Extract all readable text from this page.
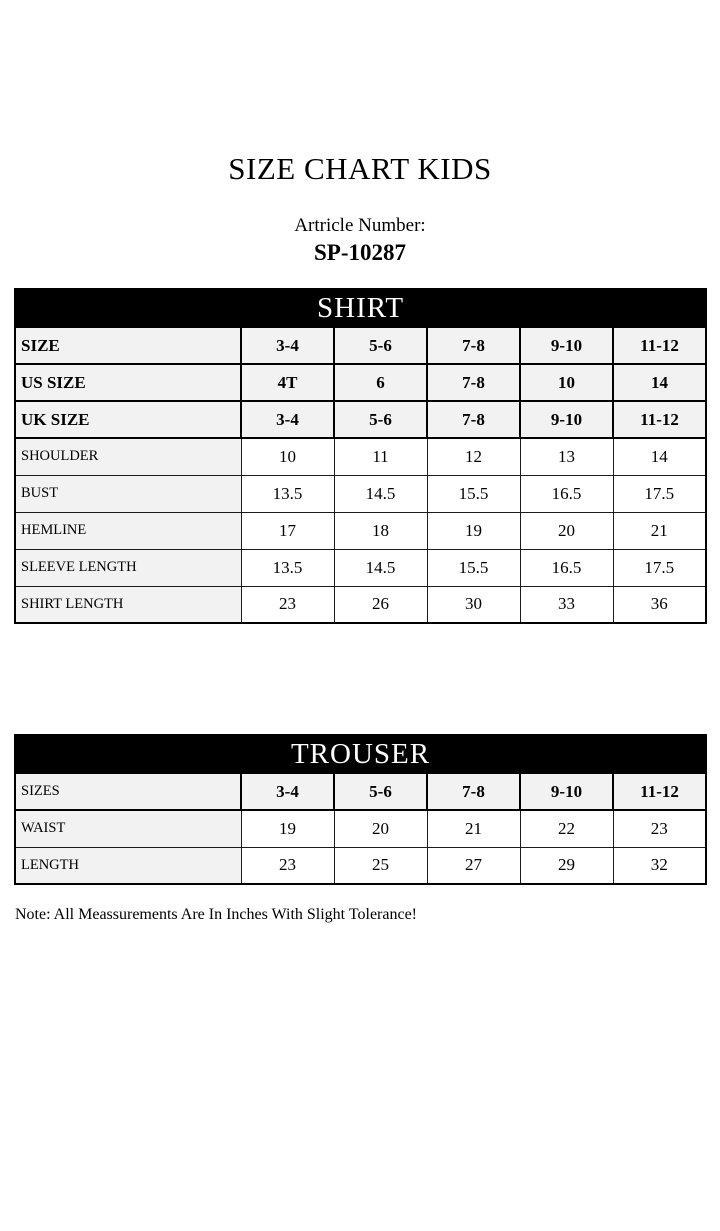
SIZE CHART KIDS
Artricle Number:
SP-10287
SHIRT					
SIZE	3-4	5-6	7-8	9-10	11-12
US SIZE	4T	6	7-8	10	14
UK SIZE	3-4	5-6	7-8	9-10	11-12
SHOULDER	10	11	12	13	14
BUST	13.5	14.5	15.5	16.5	17.5
HEMLINE	17	18	19	20	21
SLEEVE LENGTH	13.5	14.5	15.5	16.5	17.5
SHIRT LENGTH	23	26	30	33	36
TROUSER					
SIZES	3-4	5-6	7-8	9-10	11-12
WAIST	19	20	21	22	23
LENGTH	23	25	27	29	32
Note: All Meassurements Are In Inches With Slight Tolerance!
